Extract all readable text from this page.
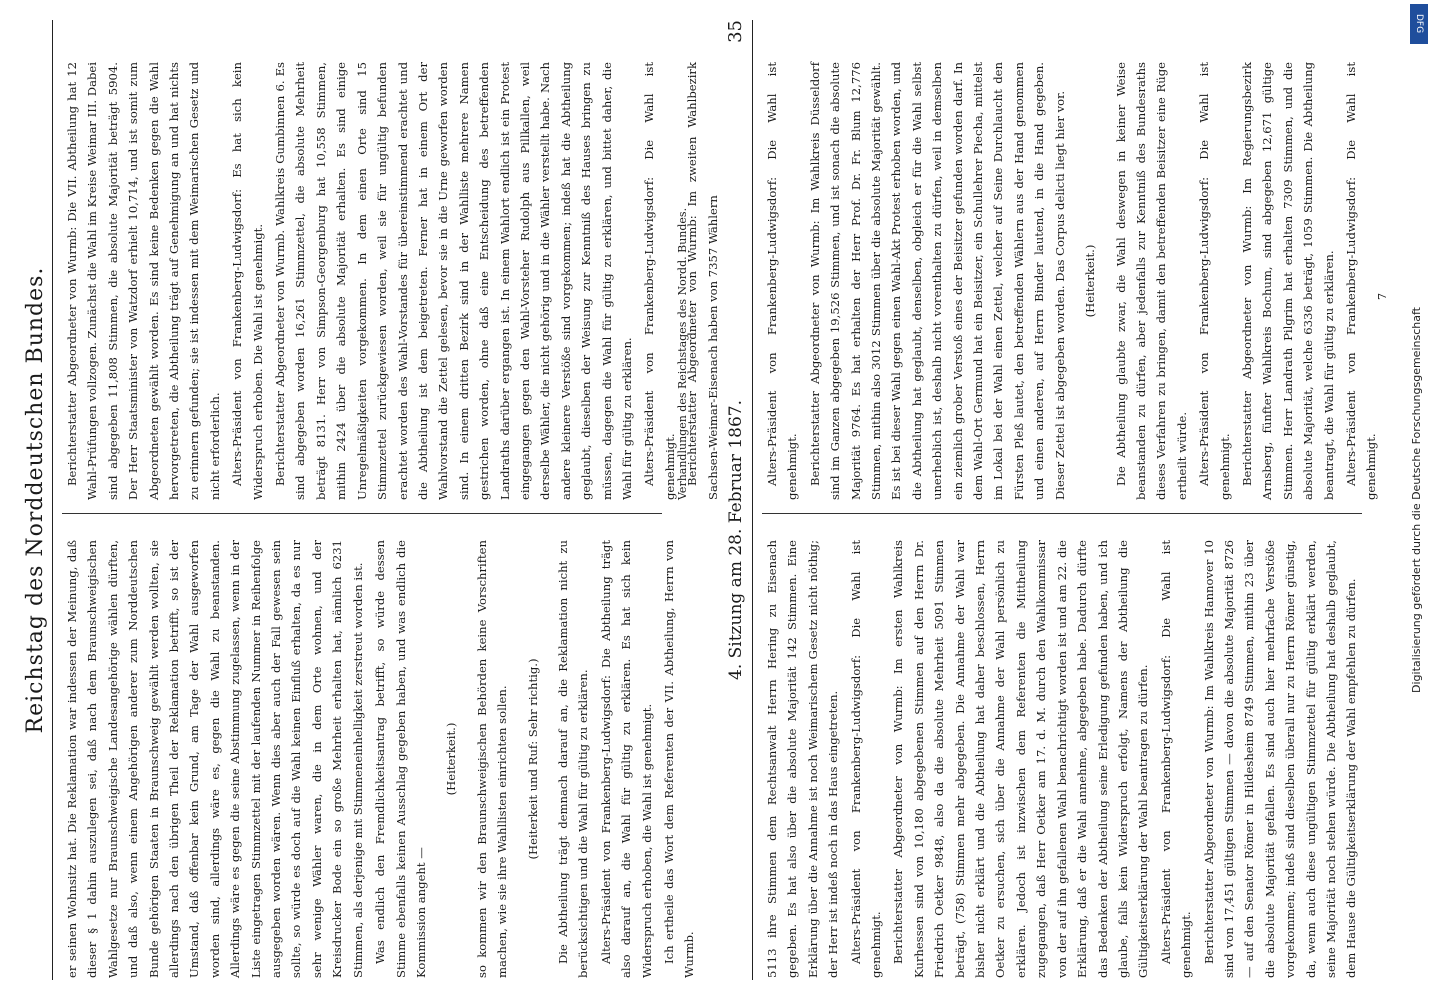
Reichstag des Norddeutschen Bundes.

er seinen Wohnsitz hat. Die Reklamation war indessen der Meinung, daß dieser § 1 dahin auszulegen sei, daß nach dem Braunschweigischen Wahlgesetze nur Braunschweigische Landesangehörige wählen dürften, und daß also, wenn einem Angehörigen anderer zum Norddeutschen Bunde gehörigen Staaten in Braunschweig gewählt werden wollten, sie allerdings nach den übrigen Theil der Reklamation betrifft, so ist der Umstand, daß offenbar kein Grund, am Tage der Wahl ausgeworfen worden sind, allerdings wäre es, gegen die Wahl zu beanstanden. Allerdings wäre es gegen die seine Abstimmung zugelassen, wenn in der Liste eingetragen Stimmzettel mit der laufenden Nummer in Reihenfolge ausgegeben worden wären. Wenn dies aber auch der Fall gewesen sein sollte, so würde es doch auf die Wahl keinen Einfluß erhalten, da es nur sehr wenige Wähler waren, die in dem Orte wohnen, und der Kreisdrucker Bode ein so große Mehrheit erhalten hat, nämlich 6231 Stimmen, als derjenige mit Stimmeneinhelligkeit zerstreut worden ist. Was endlich den Fremdlichkeitsantrag betrifft, so würde dessen Stimme ebenfalls keinen Ausschlag gegeben haben, und was endlich die Kommission angeht —

(Heiterkeit.) so kommen wir den Braunschweigischen Behörden keine Vorschriften machen, wie sie ihre Wahllisten einrichten sollen. (Heiterkeit und Ruf: Sehr richtig.) Die Abtheilung trägt demnach darauf an, die Reklamation nicht zu berücksichtigen und die Wahl für gültig zu erklären. Alters-Präsident von Frankenberg-Ludwigsdorf: Die Abtheilung trägt also darauf an, die Wahl für gültig zu erklären. Es hat sich kein Widerspruch erhoben, die Wahl ist genehmigt. Ich ertheile das Wort dem Referenten der VII. Abtheilung, Herrn von Wurmb.

Berichterstatter Abgeordneter von Wurmb: Die VII. Abtheilung hat 12 Wahl-Prüfungen vollzogen. Zunächst die Wahl im Kreise Weimar III. Dabei sind abgegeben 11,808 Stimmen, die absolute Majorität beträgt 5904. Der Herr Staatsminister von Watzdorf erhielt 10,714, und ist somit zum Abgeordneten gewählt worden. Es sind keine Bedenken gegen die Wahl hervorgetreten, die Abtheilung trägt auf Genehmigung an und hat nichts zu erinnern gefunden; sie ist indessen mit dem Weimarischen Gesetz und nicht erforderlich. Alters-Präsident von Frankenberg-Ludwigsdorf: Es hat sich kein Widerspruch erhoben. Die Wahl ist genehmigt. Berichterstatter Abgeordneter von Wurmb. Wahlkreis Gumbinnen 6. Es sind abgegeben worden 16,261 Stimmzettel, die absolute Mehrheit beträgt 8131. Herr von Simpson-Georgenburg hat 10,558 Stimmen, mithin 2424 über die absolute Majorität erhalten. Es sind einige Unregelmäßigkeiten vorgekommen. In dem einen Orte sind 15 Stimmzettel zurückgewiesen worden, weil sie für ungültig befunden erachtet worden des Wahl-Vorstandes für übereinstimmend erachtet und die Abtheilung ist dem beigetreten. Ferner hat in einem Ort der Wahlvorstand die Zettel gelesen, bevor sie in die Urne geworfen worden sind. In einem dritten Bezirk sind in der Wahlliste mehrere Namen gestrichen worden, ohne daß eine Entscheidung des betreffenden Landraths darüber ergangen ist. In einem Wahlort endlich ist ein Protest eingegangen gegen den Wahl-Vorsteher Rudolph aus Pillkallen, weil derselbe Wähler, die nicht gehörig und in die Wähler verstellt habe. Nach andere kleinere Verstöße sind vorgekommen; indeß hat die Abtheilung geglaubt, dieselben der Weisung zur Kenntniß des Hauses bringen zu müssen, dagegen die Wahl für gültig zu erklären, und bittet daher, die Wahl für gültig zu erklären. Alters-Präsident von Frankenberg-Ludwigsdorf: Die Wahl ist genehmigt. Berichterstatter Abgeordneter von Wurmb: Im zweiten Wahlbezirk Sachsen-Weimar-Eisenach haben von 7357 Wählern

Verhandlungen des Reichstages des Nordd. Bundes.
4. Sitzung am 28. Februar 1867.
35

5113 ihre Stimmen dem Rechtsanwalt Herrn Hering zu Eisenach gegeben. Es hat also über die absolute Majorität 142 Stimmen. Eine Erklärung über die Annahme ist noch Weimarischem Gesetz nicht nöthig; der Herr ist indeß noch in das Haus eingetreten. Alters-Präsident von Frankenberg-Ludwigsdorf: Die Wahl ist genehmigt. Berichterstatter Abgeordneter von Wurmb: Im ersten Wahlkreis Kurhessen sind von 10,180 abgegebenen Stimmen auf den Herrn Dr. Friedrich Oetker 9848, also da die absolute Mehrheit 5091 Stimmen beträgt, (758) Stimmen mehr abgegeben. Die Annahme der Wahl war bisher nicht erklärt und die Abtheilung hat daher beschlossen, Herrn Oetker zu ersuchen, sich über die Annahme der Wahl persönlich zu erklären. Jedoch ist inzwischen dem Referenten die Mittheilung zugegangen, daß Herr Oetker am 17. d. M. durch den Wahlkommissar von der auf ihn gefallenen Wahl benachrichtigt worden ist und am 22. die Erklärung, daß er die Wahl annehme, abgegeben habe. Dadurch dürfte das Bedenken der Abtheilung seine Erledigung gefunden haben, und ich glaube, falls kein Widerspruch erfolgt, Namens der Abtheilung die Gültigkeitserklärung der Wahl beantragen zu dürfen. Alters-Präsident von Frankenberg-Ludwigsdorf: Die Wahl ist genehmigt. Berichterstatter Abgeordneter von Wurmb: Im Wahlkreis Hannover 10 sind von 17,451 gültigen Stimmen — davon die absolute Majorität 8726 — auf den Senator Römer in Hildesheim 8749 Stimmen, mithin 23 über die absolute Majorität gefallen. Es sind auch hier mehrfache Verstöße vorgekommen; indeß sind dieselben überall nur zu Herrn Römer günstig, da, wenn auch diese ungültigen Stimmzettel für gültig erklärt werden, seine Majorität noch stehen würde. Die Abtheilung hat deshalb geglaubt, dem Hause die Gültigkeitserklärung der Wahl empfehlen zu dürfen.

Alters-Präsident von Frankenberg-Ludwigsdorf: Die Wahl ist genehmigt. Berichterstatter Abgeordneter von Wurmb: Im Wahlkreis Düsseldorf sind im Ganzen abgegeben 19,526 Stimmen, und ist sonach die absolute Majorität 9764. Es hat erhalten der Herr Prof. Dr. Fr. Blum 12,776 Stimmen, mithin also 3012 Stimmen über die absolute Majorität gewählt. Es ist bei dieser Wahl gegen einen Wahl-Akt Protest erhoben worden, und die Abtheilung hat geglaubt, denselben, obgleich er für die Wahl selbst unerheblich ist, deshalb nicht vorenthalten zu dürfen, weil in demselben ein ziemlich grober Verstoß eines der Beisitzer gefunden worden darf. In dem Wahl-Ort Germund hat ein Beisitzer, ein Schullehrer Piecha, mittelst im Lokal bei der Wahl einen Zettel, welcher auf Seine Durchlaucht den Fürsten Pleß lautet, den betreffenden Wählern aus der Hand genommen und einen anderen, auf Herrn Binder lautend, in die Hand gegeben. Dieser Zettel ist abgegeben worden. Das Corpus delicti liegt hier vor. (Heiterkeit.) Die Abtheilung glaubte zwar, die Wahl deswegen in keiner Weise beanstanden zu dürfen, aber jedenfalls zur Kenntniß des Bundesraths dieses Verfahren zu bringen, damit den betreffenden Beisitzer eine Rüge ertheilt würde. Alters-Präsident von Frankenberg-Ludwigsdorf: Die Wahl ist genehmigt. Berichterstatter Abgeordneter von Wurmb: Im Regierungsbezirk Arnsberg, fünfter Wahlkreis Bochum, sind abgegeben 12,671 gültige Stimmen. Herr Landrath Pilgrim hat erhalten 7309 Stimmen, und die absolute Majorität, welche 6336 beträgt, 1059 Stimmen. Die Abtheilung beantragt, die Wahl für gültig zu erklären. Alters-Präsident von Frankenberg-Ludwigsdorf: Die Wahl ist genehmigt.

7
Digitalisierung gefördert durch die Deutsche Forschungsgemeinschaft
DFG
